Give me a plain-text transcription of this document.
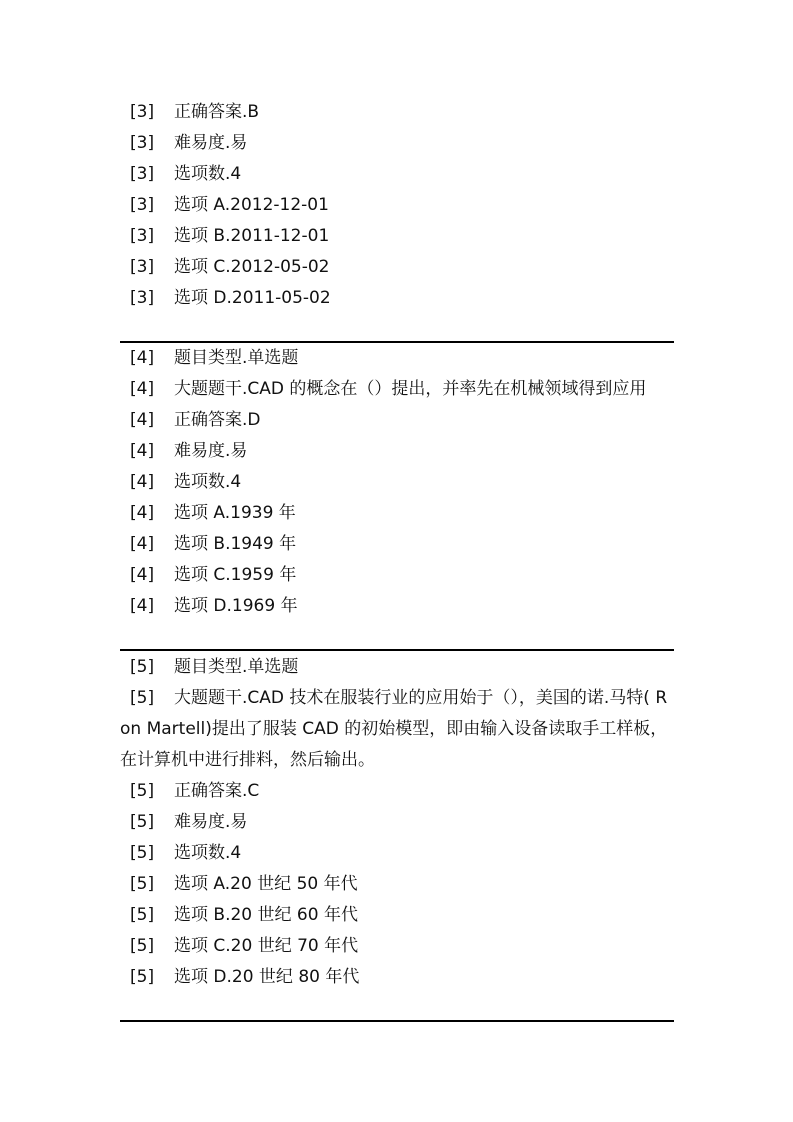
[3] 正确答案.B
[3] 难易度.易
[3] 选项数.4
[3] 选项 A.2012-12-01
[3] 选项 B.2011-12-01
[3] 选项 C.2012-05-02
[3] 选项 D.2011-05-02
[4] 题目类型.单选题
[4] 大题题干.CAD 的概念在（）提出，并率先在机械领域得到应用
[4] 正确答案.D
[4] 难易度.易
[4] 选项数.4
[4] 选项 A.1939 年
[4] 选项 B.1949 年
[4] 选项 C.1959 年
[4] 选项 D.1969 年
[5] 题目类型.单选题

[5] 大题题干.CAD 技术在服装行业的应用始于（），美国的诺.马特( Ron Martell)提出了服装 CAD 的初始模型，即由输入设备读取手工样板，在计算机中进行排料，然后输出。

[5] 正确答案.C
[5] 难易度.易
[5] 选项数.4
[5] 选项 A.20 世纪 50 年代
[5] 选项 B.20 世纪 60 年代
[5] 选项 C.20 世纪 70 年代
[5] 选项 D.20 世纪 80 年代
